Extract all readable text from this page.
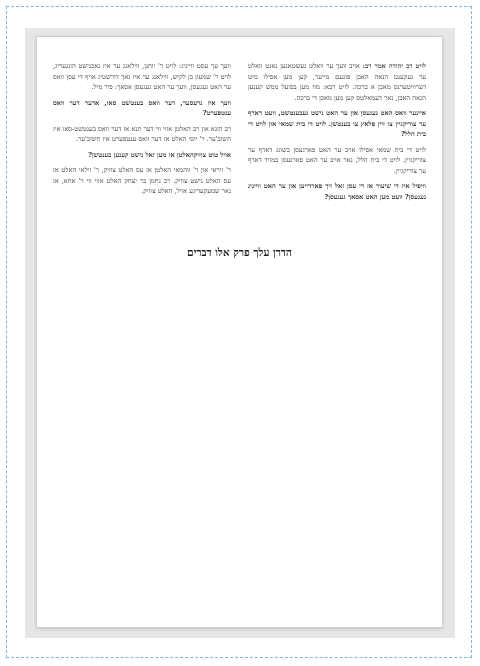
וועך עך עסט ווייניג: לויט ר' יוחנן, ווילאנג ער איז נאכנישט הונגעריג, לויט ר' שמעון בן לקיש, ווילאנג ער איז נאך דורשטיג אויף די עסן וואס ער האט געגעסן, וועך ער האט געגעסן אסאך: פיר מיל.

וועך איז גרעסער, דער וואס בענטשט סאו, אדער דער וואס ענטפערט?

רב הונא און רב האלטן אזוי ווי דער תנא אז דער וואס בענטשט-סאו איז חשוב'ער. ר' יוסי האלט אז דער וואס ענטפערט איז חשוב'ער.

אויל טוט צוזיקהאלטן אז מען זאל נישט קענען בענטשן?

ר' זיראי און ר' זוהמאי האלטן אז עס האלט צוזיק, ר' זילאי האלט אז עס האלט נישט צוזיק. רב נחמן בר יצחק האלט אזוי ווי ר' אחא, אז נאר שמעקעדיגע אויל, האלט צוזיק.

לויט רב יהודה אמר רב: אויב וועך ער וואלט געשטאנען נאנט וואלט ער געקענט הנאה האבן פונעם מייער, קען מען אפילו מיט דערוויטערנס מאכן א ברכה. לויט רבא: מוז מען בפועל ממש קענען הנאה האבן, נאר דעמאלטס קען מען מאכן די ברכה.

איינער וואס האט געגעסן און ער האט נישט געבענטשט, וועט דארף ער צוריקגיין צו זיין פלאץ צו בענטשן. לויט די בית שמאי און לויט די בית הלל?

לויט די בית שמאי אפילו אויב ער האט פארגעסן בשוגג דארף ער צוריקגיין. לויט די בית הלל, נאר אויב ער האט פארגעסן במזיד דארף ער צוריקגיין.

וויפיל איז די שיעור אז די עסן זאל זיך פארדייען און ער האט ווייניג געגעסן? וועט מען האט אסאך געגעסן?

הדרן עלך פרק אלו דברים
